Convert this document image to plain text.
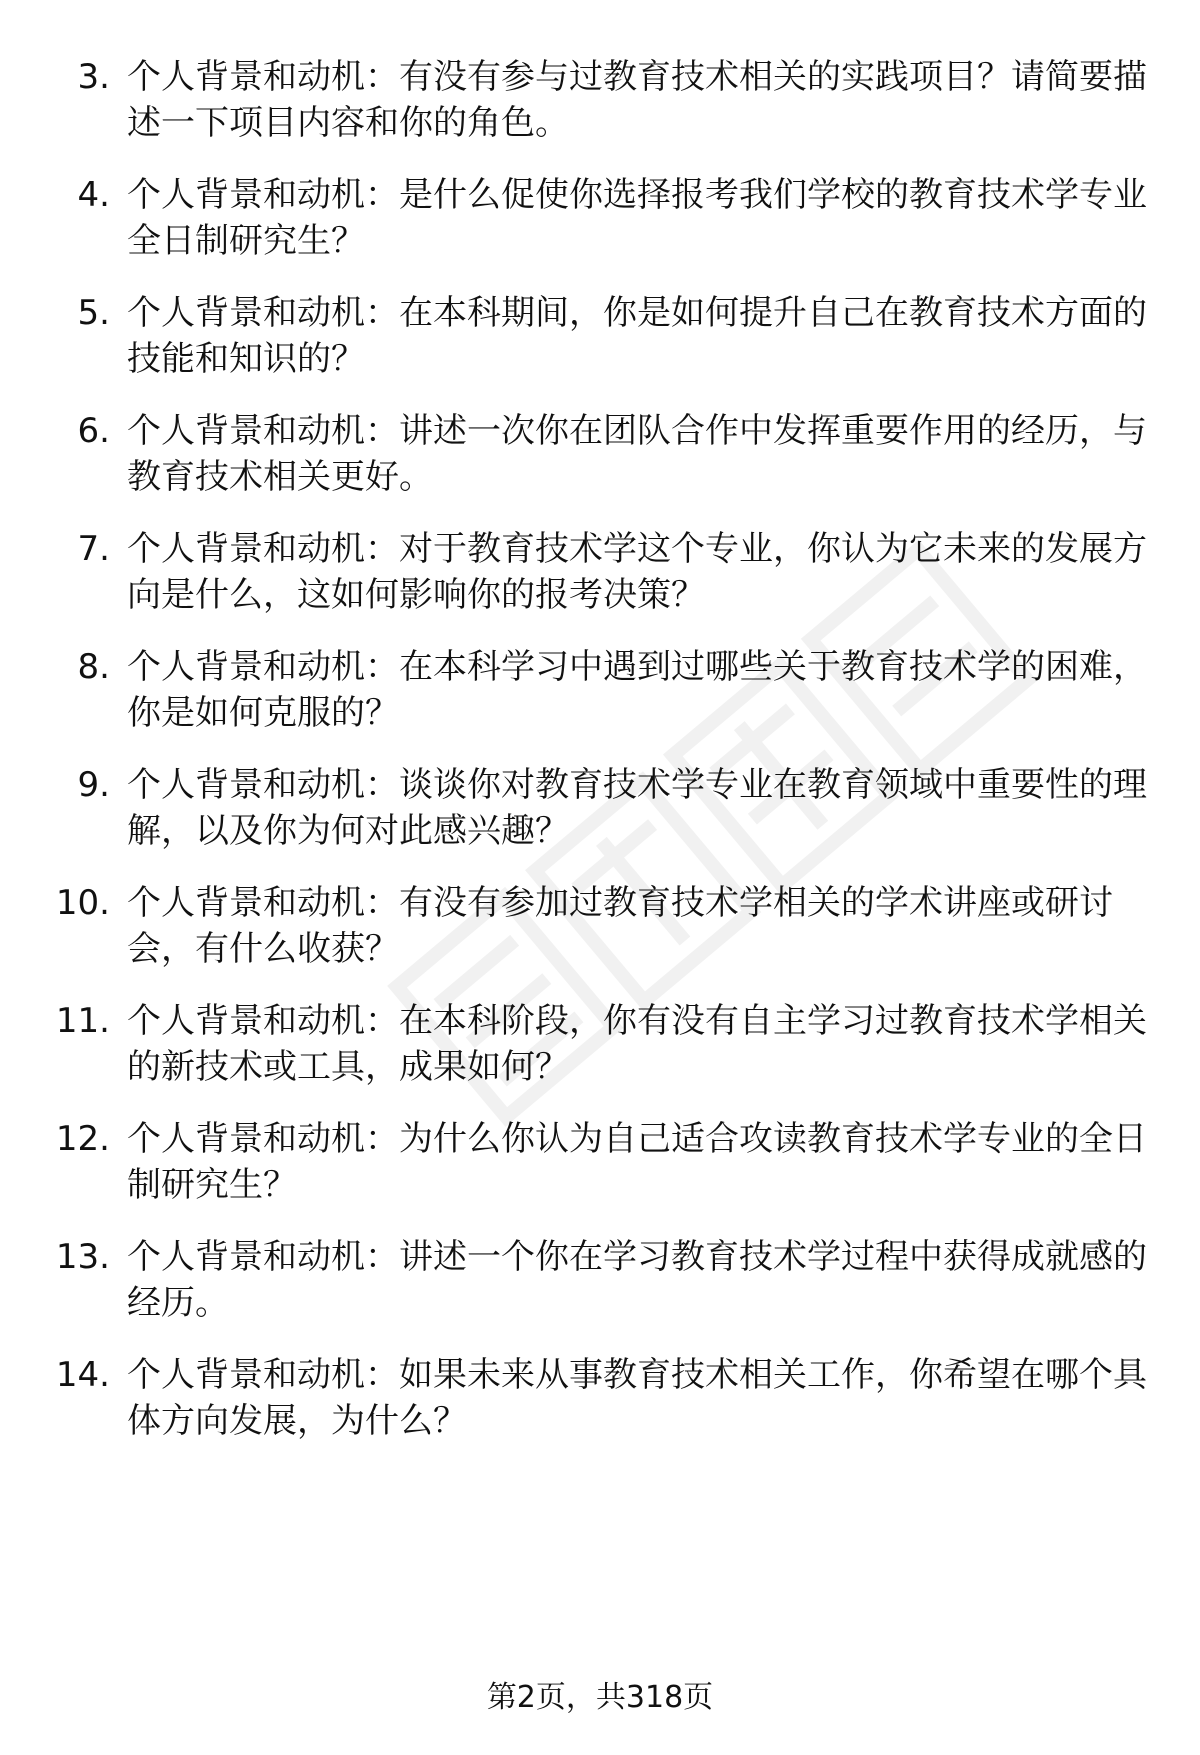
3. 个人背景和动机：有没有参与过教育技术相关的实践项目？请简要描述一下项目内容和你的角色。
4. 个人背景和动机：是什么促使你选择报考我们学校的教育技术学专业全日制研究生？
5. 个人背景和动机：在本科期间，你是如何提升自己在教育技术方面的技能和知识的？
6. 个人背景和动机：讲述一次你在团队合作中发挥重要作用的经历，与教育技术相关更好。
7. 个人背景和动机：对于教育技术学这个专业，你认为它未来的发展方向是什么，这如何影响你的报考决策？
8. 个人背景和动机：在本科学习中遇到过哪些关于教育技术学的困难，你是如何克服的？
9. 个人背景和动机：谈谈你对教育技术学专业在教育领域中重要性的理解，以及你为何对此感兴趣？
10. 个人背景和动机：有没有参加过教育技术学相关的学术讲座或研讨会，有什么收获？
11. 个人背景和动机：在本科阶段，你有没有自主学习过教育技术学相关的新技术或工具，成果如何？
12. 个人背景和动机：为什么你认为自己适合攻读教育技术学专业的全日制研究生？
13. 个人背景和动机：讲述一个你在学习教育技术学过程中获得成就感的经历。
14. 个人背景和动机：如果未来从事教育技术相关工作，你希望在哪个具体方向发展，为什么？
第2页，共318页
